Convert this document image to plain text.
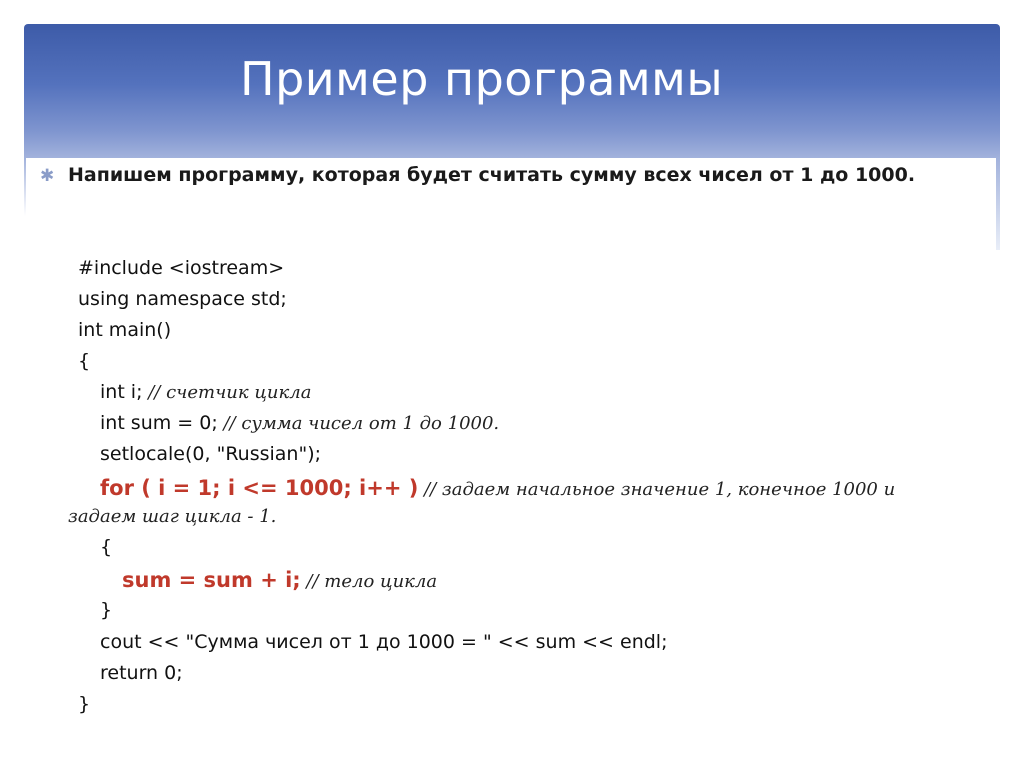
Пример программы
✱ Напишем программу, которая будет считать сумму всех чисел от 1 до 1000.
#include <iostream>
using namespace std;
int main()
{
int i; // счетчик цикла
int sum = 0; // сумма чисел от 1 до 1000.
setlocale(0, "Russian");
for ( i = 1; i <= 1000; i++ ) // задаем начальное значение 1, конечное 1000 и
задаем шаг цикла - 1.
{
sum = sum + i; // тело цикла
}
cout << "Сумма чисел от 1 до 1000 = " << sum << endl;
return 0;
}
